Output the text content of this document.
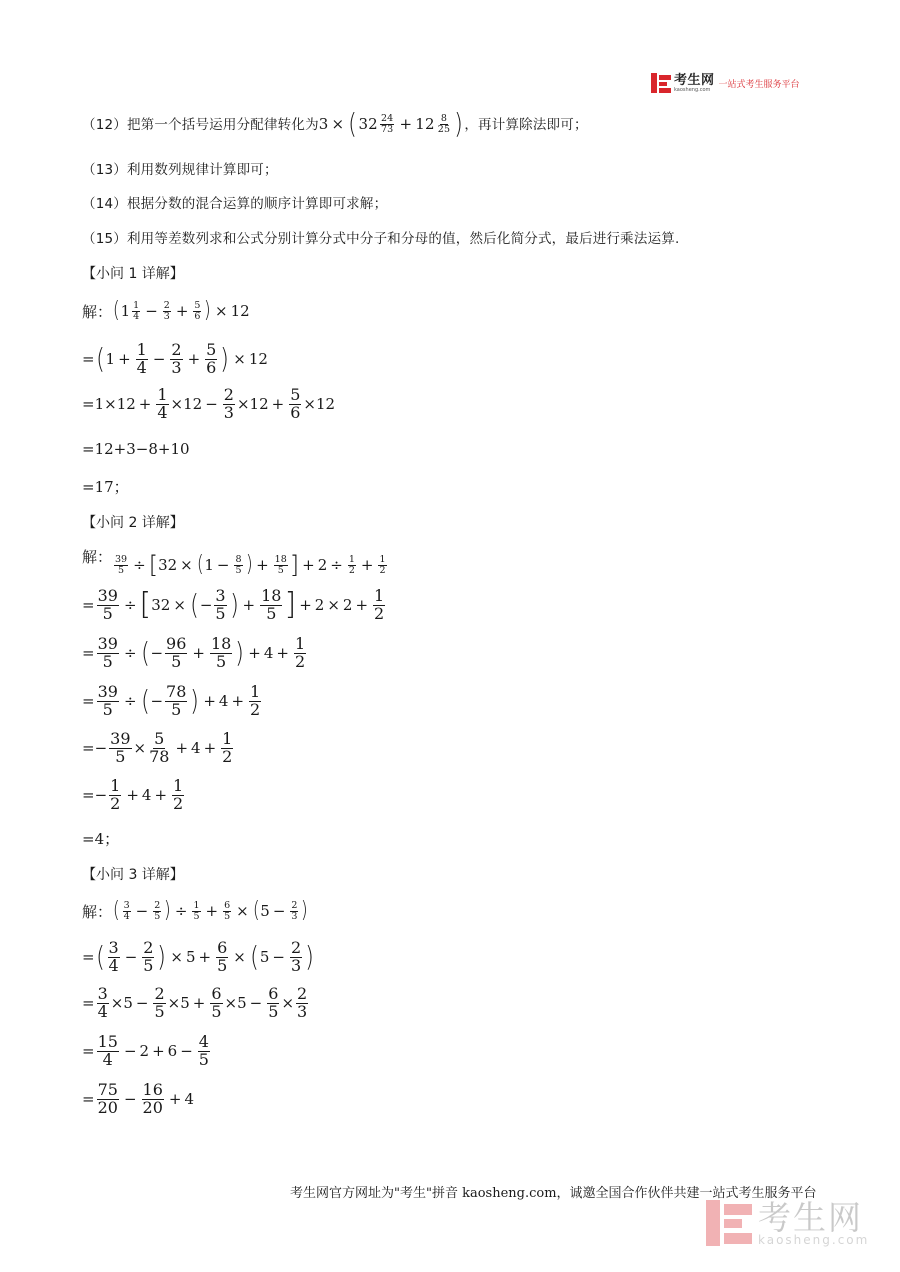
考生网
kaosheng.com 一站式考生服务平台
（12）把第一个括号运用分配律转化为 3 × ( $32 \frac{24}{73} + 12 \frac{8}{25}$ ) ，再计算除法即可；
（13）利用数列规律计算即可；
（14）根据分数的混合运算的顺序计算即可求解；
（15）利用等差数列求和公式分别计算分式中分子和分母的值，然后化简分式，最后进行乘法运算.
【小问 1 详解】
解： ( $1 \frac{1}{4} - \frac{2}{3} + \frac{5}{6}$ ) × 12
= ( $1 + \frac{1}{4} - \frac{2}{3} + \frac{5}{6}$ ) × 12
= $1\times 12 + \frac{1}{4} \times 12 - \frac{2}{3} \times 12 + \frac{5}{6} \times 12$
= 12+3−8+10
= 17 ；
【小问 2 详解】
解： $\frac{39}{5}$ ÷ [ 32 × ( $1 - \frac{8}{5}$ ) + $\frac{18}{5}$ ] + $2 \div \frac{1}{2} + \frac{1}{2}$
= $\frac{39}{5}$ ÷ [ 32 × ( − $\frac{3}{5}$ ) + $\frac{18}{5}$ ] + $2 \times 2 + \frac{1}{2}$
= $\frac{39}{5}$ ÷ ( − $\frac{96}{5} + \frac{18}{5}$ ) + $4 + \frac{1}{2}$
= $\frac{39}{5}$ ÷ ( − $\frac{78}{5}$ ) + $4 + \frac{1}{2}$
= − $\frac{39}{5} \times \frac{5}{78} + 4 + \frac{1}{2}$
= − $\frac{1}{2} + 4 + \frac{1}{2}$
= 4 ；
【小问 3 详解】
解： ( $\frac{3}{4} - \frac{2}{5}$ ) ÷ $\frac{1}{5} + \frac{6}{5}$ × ( $5 - \frac{2}{3}$ )
= ( $\frac{3}{4} - \frac{2}{5}$ ) × $5 + \frac{6}{5}$ × ( $5 - \frac{2}{3}$ )
= $\frac{3}{4} \times 5 - \frac{2}{5} \times 5 + \frac{6}{5} \times 5 - \frac{6}{5} \times \frac{2}{3}$
= $\frac{15}{4} - 2 + 6 - \frac{4}{5}$
= $\frac{75}{20} - \frac{16}{20} + 4$
考生网官方网址为"考生"拼音 kaosheng.com，诚邀全国合作伙伴共建一站式考生服务平台
考生网
kaosheng.com
